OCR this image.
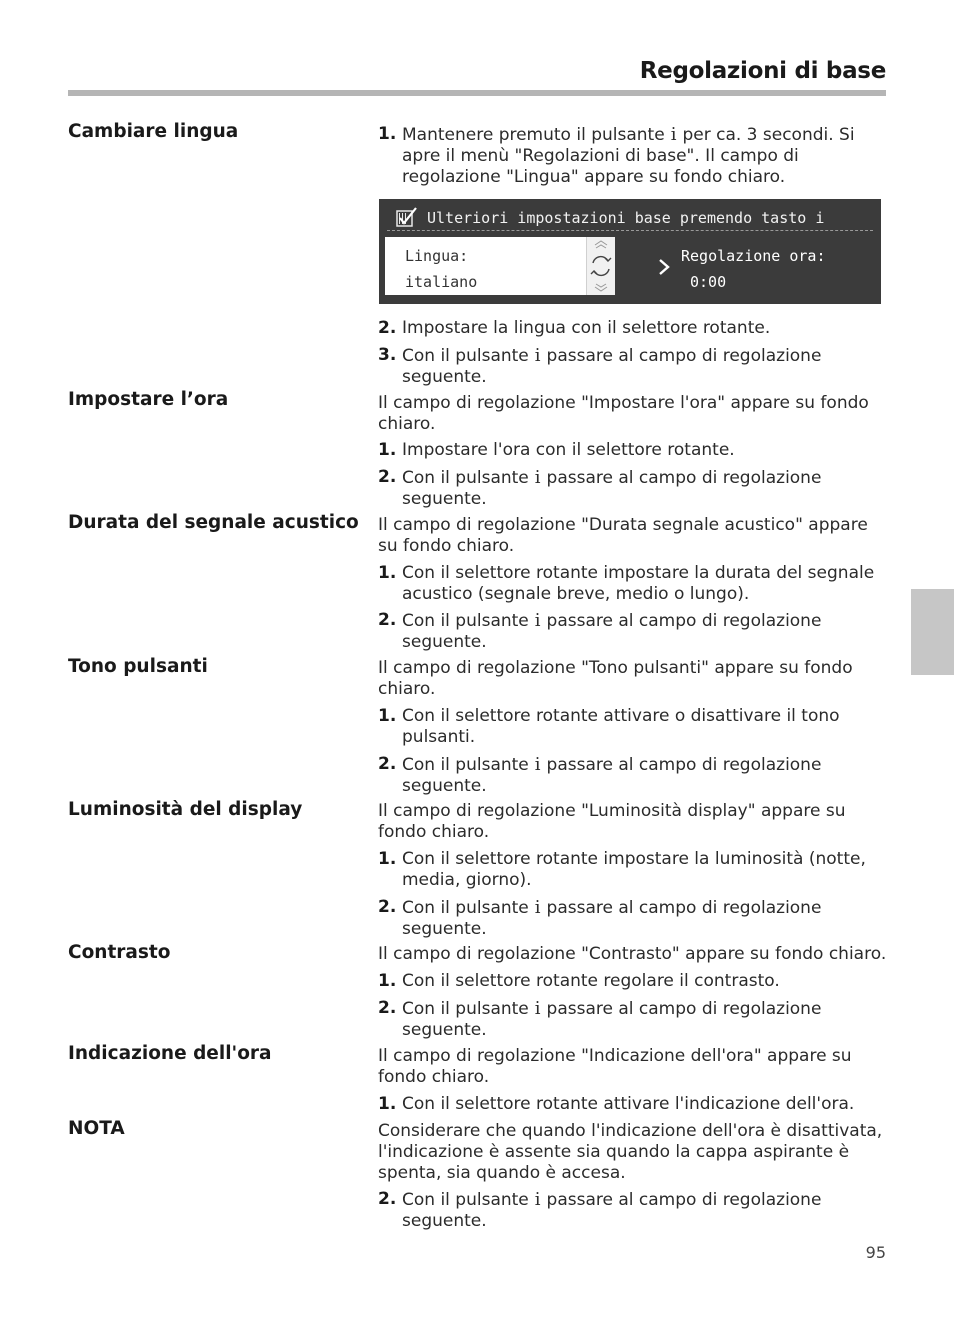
Regolazioni di base
Cambiare lingua	1. Mantenere premuto il pulsante i per ca. 3 secondi. Si apre il menù "Regolazioni di base". Il campo di regolazione "Lingua" appare su fondo chiaro.
Ulteriori impostazioni base premendo tasto i
Lingua:
italiano
Regolazione ora:
0:00
2. Impostare la lingua con il selettore rotante.
3. Con il pulsante i passare al campo di regolazione seguente.
Impostare l’ora	Il campo di regolazione "Impostare l'ora" appare su fondo chiaro.
1. Impostare l'ora con il selettore rotante.
2. Con il pulsante i passare al campo di regolazione seguente.
Durata del segnale acustico Il campo di regolazione "Durata segnale acustico" appare su fondo chiaro.
1. Con il selettore rotante impostare la durata del segnale acustico (segnale breve, medio o lungo).
2. Con il pulsante i passare al campo di regolazione seguente.
Tono pulsanti	Il campo di regolazione "Tono pulsanti" appare su fondo chiaro.
1. Con il selettore rotante attivare o disattivare il tono pulsanti.
2. Con il pulsante i passare al campo di regolazione seguente.
Luminosità del display	Il campo di regolazione "Luminosità display" appare su fondo chiaro.
1. Con il selettore rotante impostare la luminosità (notte, media, giorno).
2. Con il pulsante i passare al campo di regolazione seguente.
Contrasto	Il campo di regolazione "Contrasto" appare su fondo chiaro.
1. Con il selettore rotante regolare il contrasto.
2. Con il pulsante i passare al campo di regolazione seguente.
Indicazione dell'ora	Il campo di regolazione "Indicazione dell'ora" appare su fondo chiaro.
1. Con il selettore rotante attivare l'indicazione dell'ora.
NOTA	Considerare che quando l'indicazione dell'ora è disattivata, l'indicazione è assente sia quando la cappa aspirante è spenta, sia quando è accesa.
2. Con il pulsante i passare al campo di regolazione seguente.
95
